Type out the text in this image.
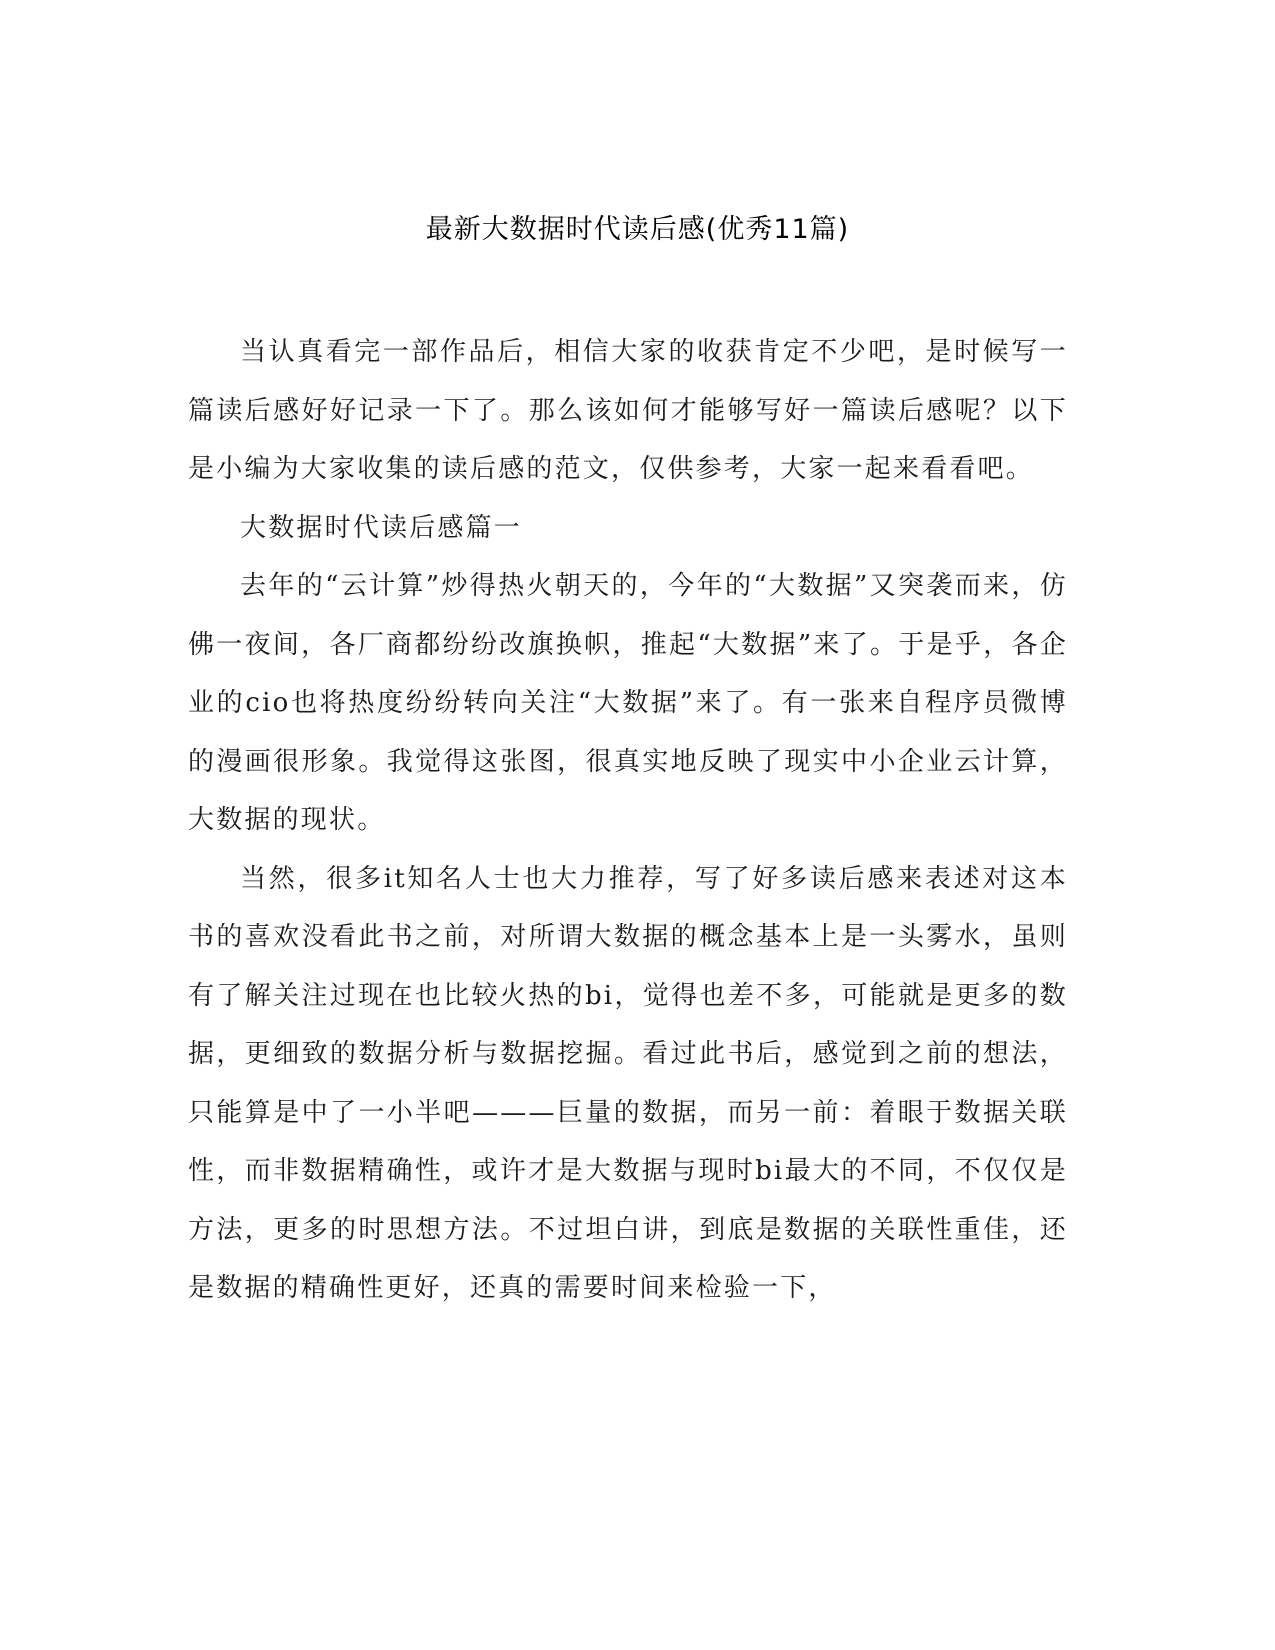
最新大数据时代读后感(优秀11篇)

当认真看完一部作品后，相信大家的收获肯定不少吧，是时候写一篇读后感好好记录一下了。那么该如何才能够写好一篇读后感呢？以下是小编为大家收集的读后感的范文，仅供参考，大家一起来看看吧。

大数据时代读后感篇一

去年的“云计算”炒得热火朝天的，今年的“大数据”又突袭而来，仿佛一夜间，各厂商都纷纷改旗换帜，推起“大数据”来了。于是乎，各企业的cio也将热度纷纷转向关注“大数据”来了。有一张来自程序员微博的漫画很形象。我觉得这张图，很真实地反映了现实中小企业云计算，大数据的现状。

当然，很多it知名人士也大力推荐，写了好多读后感来表述对这本书的喜欢没看此书之前，对所谓大数据的概念基本上是一头雾水，虽则有了解关注过现在也比较火热的bi，觉得也差不多，可能就是更多的数据，更细致的数据分析与数据挖掘。看过此书后，感觉到之前的想法，只能算是中了一小半吧———巨量的数据，而另一前：着眼于数据关联性，而非数据精确性，或许才是大数据与现时bi最大的不同，不仅仅是方法，更多的时思想方法。不过坦白讲，到底是数据的关联性重佳，还是数据的精确性更好，还真的需要时间来检验一下，
